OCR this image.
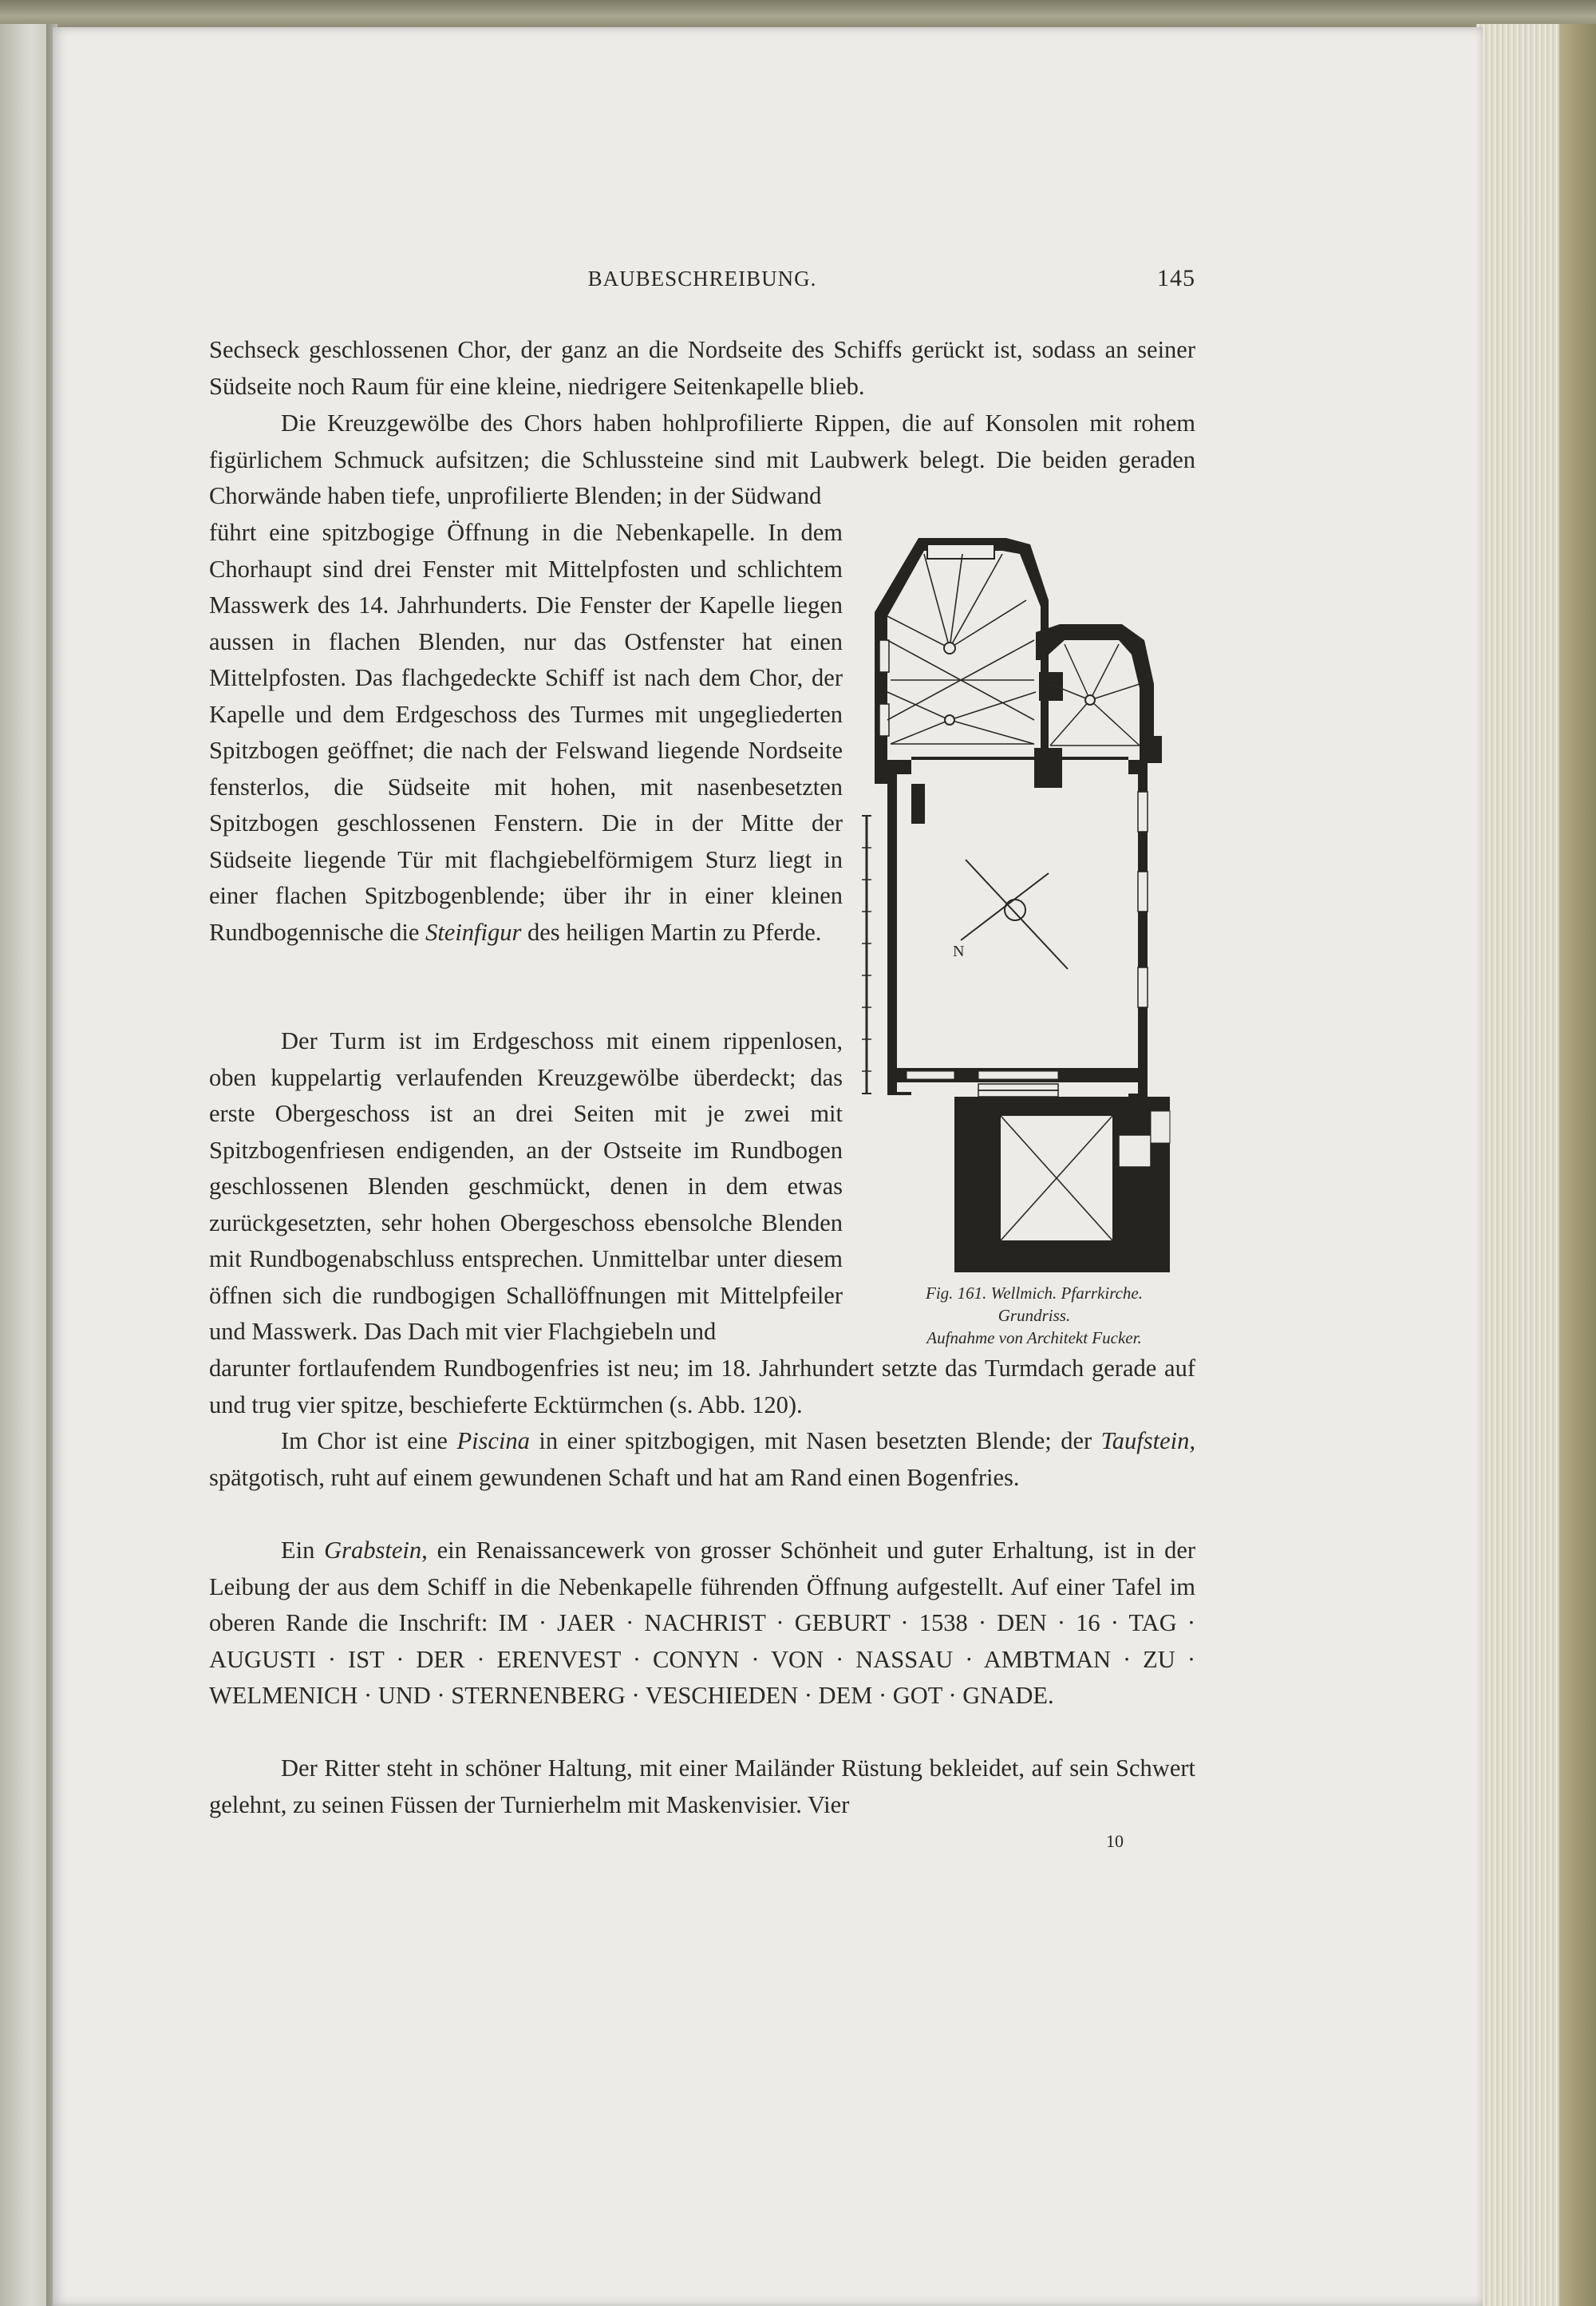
BAUBESCHREIBUNG.	145

Sechseck geschlossenen Chor, der ganz an die Nordseite des Schiffs gerückt ist, sodass an seiner Südseite noch Raum für eine kleine, niedrigere Seitenkapelle blieb.

Die Kreuzgewölbe des Chors haben hohlprofilierte Rippen, die auf Konsolen mit rohem figürlichem Schmuck aufsitzen; die Schlussteine sind mit Laubwerk belegt. Die beiden geraden Chorwände haben tiefe, unprofilierte Blenden; in der Südwand

führt eine spitzbogige Öffnung in die Nebenkapelle. In dem Chorhaupt sind drei Fenster mit Mittelpfosten und schlichtem Masswerk des 14. Jahrhunderts. Die Fenster der Kapelle liegen aussen in flachen Blenden, nur das Ostfenster hat einen Mittelpfosten. Das flachgedeckte Schiff ist nach dem Chor, der Kapelle und dem Erdgeschoss des Turmes mit ungegliederten Spitzbogen geöffnet; die nach der Felswand liegende Nordseite fensterlos, die Südseite mit hohen, mit nasenbesetzten Spitzbogen geschlossenen Fenstern. Die in der Mitte der Südseite liegende Tür mit flachgiebelförmigem Sturz liegt in einer flachen Spitzbogenblende; über ihr in einer kleinen Rundbogennische die Steinfigur des heiligen Martin zu Pferde.

Der Turm ist im Erdgeschoss mit einem rippenlosen, oben kuppelartig verlaufenden Kreuzgewölbe überdeckt; das erste Obergeschoss ist an drei Seiten mit je zwei mit Spitzbogenfriesen endigenden, an der Ostseite im Rundbogen geschlossenen Blenden geschmückt, denen in dem etwas zurückgesetzten, sehr hohen Obergeschoss ebensolche Blenden mit Rundbogenabschluss entsprechen. Unmittelbar unter diesem öffnen sich die rundbogigen Schallöffnungen mit Mittelpfeiler und Masswerk. Das Dach mit vier Flachgiebeln und

darunter fortlaufendem Rundbogenfries ist neu; im 18. Jahrhundert setzte das Turmdach gerade auf und trug vier spitze, beschieferte Ecktürmchen (s. Abb. 120).

Im Chor ist eine Piscina in einer spitzbogigen, mit Nasen besetzten Blende; der Taufstein, spätgotisch, ruht auf einem gewundenen Schaft und hat am Rand einen Bogenfries.

Ein Grabstein, ein Renaissancewerk von grosser Schönheit und guter Erhaltung, ist in der Leibung der aus dem Schiff in die Nebenkapelle führenden Öffnung aufgestellt. Auf einer Tafel im oberen Rande die Inschrift: IM · JAER · NACHRIST · GEBURT · 1538 · DEN · 16 · TAG · AUGUSTI · IST · DER · ERENVEST · CONYN · VON · NASSAU · AMBTMAN · ZU · WELMENICH · UND · STERNENBERG · VESCHIEDEN · DEM · GOT · GNADE.

Der Ritter steht in schöner Haltung, mit einer Mailänder Rüstung bekleidet, auf sein Schwert gelehnt, zu seinen Füssen der Turnierhelm mit Maskenvisier. Vier

N
Fig. 161. Wellmich. Pfarrkirche.
Grundriss.
Aufnahme von Architekt Fucker.
10
